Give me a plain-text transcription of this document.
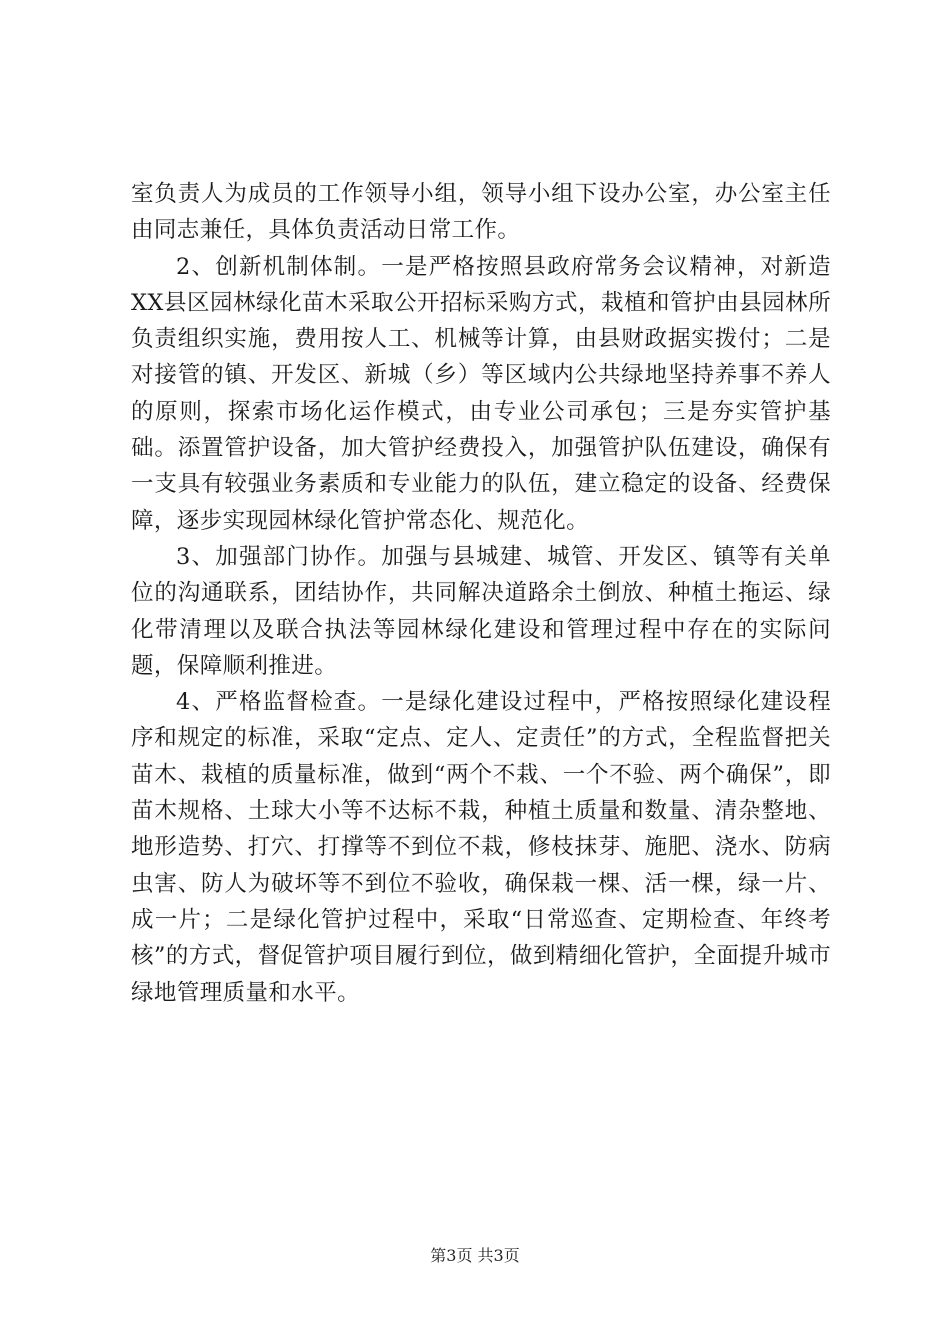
室负责人为成员的工作领导小组，领导小组下设办公室，办公室主任由同志兼任，具体负责活动日常工作。

2、创新机制体制。一是严格按照县政府常务会议精神，对新造XX县区园林绿化苗木采取公开招标采购方式，栽植和管护由县园林所负责组织实施，费用按人工、机械等计算，由县财政据实拨付；二是对接管的镇、开发区、新城（乡）等区域内公共绿地坚持养事不养人的原则，探索市场化运作模式，由专业公司承包；三是夯实管护基础。添置管护设备，加大管护经费投入，加强管护队伍建设，确保有一支具有较强业务素质和专业能力的队伍，建立稳定的设备、经费保障，逐步实现园林绿化管护常态化、规范化。

3、加强部门协作。加强与县城建、城管、开发区、镇等有关单位的沟通联系，团结协作，共同解决道路余土倒放、种植土拖运、绿化带清理以及联合执法等园林绿化建设和管理过程中存在的实际问题，保障顺利推进。

4、严格监督检查。一是绿化建设过程中，严格按照绿化建设程序和规定的标准，采取“定点、定人、定责任”的方式，全程监督把关苗木、栽植的质量标准，做到“两个不栽、一个不验、两个确保”，即苗木规格、土球大小等不达标不栽，种植土质量和数量、清杂整地、地形造势、打穴、打撑等不到位不栽，修枝抹芽、施肥、浇水、防病虫害、防人为破坏等不到位不验收，确保栽一棵、活一棵，绿一片、成一片；二是绿化管护过程中，采取“日常巡查、定期检查、年终考核”的方式，督促管护项目履行到位，做到精细化管护，全面提升城市绿地管理质量和水平。

第3页 共3页
